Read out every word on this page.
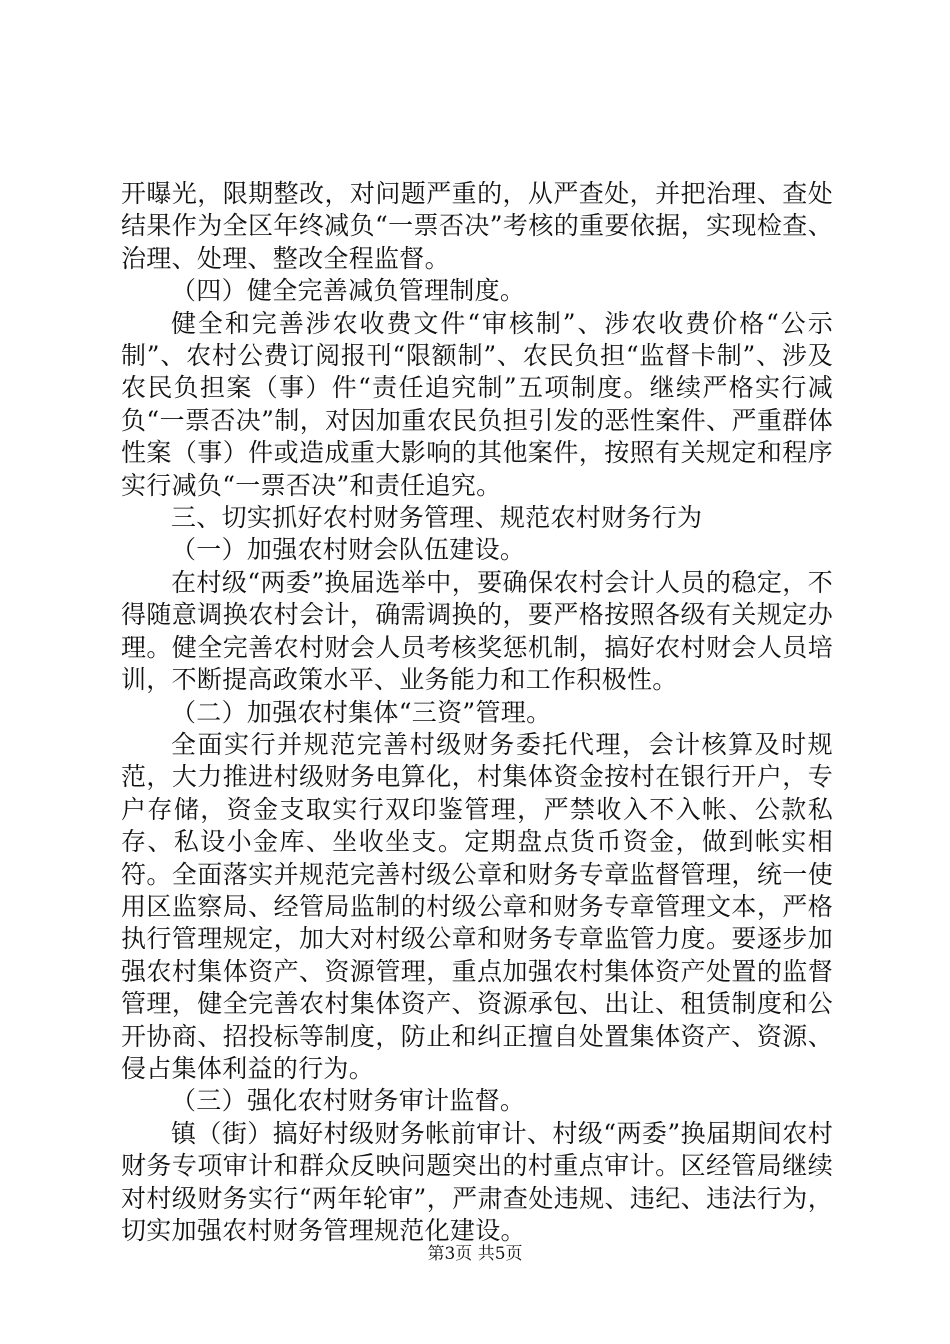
开曝光，限期整改，对问题严重的，从严查处，并把治理、查处结果作为全区年终减负“一票否决”考核的重要依据，实现检查、治理、处理、整改全程监督。

（四）健全完善减负管理制度。

健全和完善涉农收费文件“审核制”、涉农收费价格“公示制”、农村公费订阅报刊“限额制”、农民负担“监督卡制”、涉及农民负担案（事）件“责任追究制”五项制度。继续严格实行减负“一票否决”制，对因加重农民负担引发的恶性案件、严重群体性案（事）件或造成重大影响的其他案件，按照有关规定和程序实行减负“一票否决”和责任追究。

三、切实抓好农村财务管理、规范农村财务行为

（一）加强农村财会队伍建设。

在村级“两委”换届选举中，要确保农村会计人员的稳定，不得随意调换农村会计，确需调换的，要严格按照各级有关规定办理。健全完善农村财会人员考核奖惩机制，搞好农村财会人员培训，不断提高政策水平、业务能力和工作积极性。

（二）加强农村集体“三资”管理。

全面实行并规范完善村级财务委托代理，会计核算及时规范，大力推进村级财务电算化，村集体资金按村在银行开户，专户存储，资金支取实行双印鉴管理，严禁收入不入帐、公款私存、私设小金库、坐收坐支。定期盘点货币资金，做到帐实相符。全面落实并规范完善村级公章和财务专章监督管理，统一使用区监察局、经管局监制的村级公章和财务专章管理文本，严格执行管理规定，加大对村级公章和财务专章监管力度。要逐步加强农村集体资产、资源管理，重点加强农村集体资产处置的监督管理，健全完善农村集体资产、资源承包、出让、租赁制度和公开协商、招投标等制度，防止和纠正擅自处置集体资产、资源、侵占集体利益的行为。

（三）强化农村财务审计监督。

镇（街）搞好村级财务帐前审计、村级“两委”换届期间农村财务专项审计和群众反映问题突出的村重点审计。区经管局继续对村级财务实行“两年轮审”，严肃查处违规、违纪、违法行为，切实加强农村财务管理规范化建设。

第3页 共5页
